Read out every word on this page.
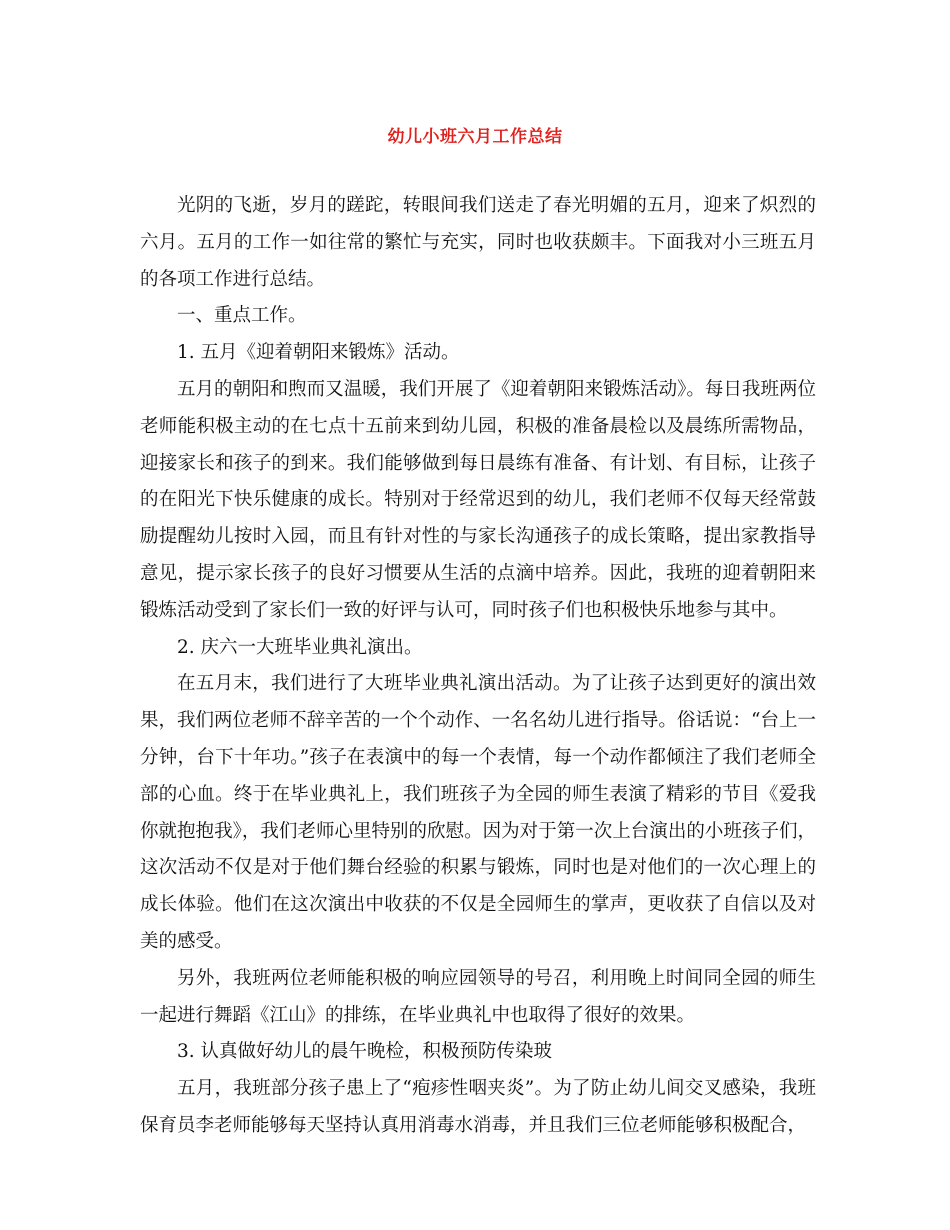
幼儿小班六月工作总结

光阴的飞逝，岁月的蹉跎，转眼间我们送走了春光明媚的五月，迎来了炽烈的六月。五月的工作一如往常的繁忙与充实，同时也收获颇丰。下面我对小三班五月的各项工作进行总结。

一、重点工作。

1. 五月《迎着朝阳来锻炼》活动。

五月的朝阳和煦而又温暖，我们开展了《迎着朝阳来锻炼活动》。每日我班两位老师能积极主动的在七点十五前来到幼儿园，积极的准备晨检以及晨练所需物品，迎接家长和孩子的到来。我们能够做到每日晨练有准备、有计划、有目标，让孩子的在阳光下快乐健康的成长。特别对于经常迟到的幼儿，我们老师不仅每天经常鼓励提醒幼儿按时入园，而且有针对性的与家长沟通孩子的成长策略，提出家教指导意见，提示家长孩子的良好习惯要从生活的点滴中培养。因此，我班的迎着朝阳来锻炼活动受到了家长们一致的好评与认可，同时孩子们也积极快乐地参与其中。

2. 庆六一大班毕业典礼演出。

在五月末，我们进行了大班毕业典礼演出活动。为了让孩子达到更好的演出效果，我们两位老师不辞辛苦的一个个动作、一名名幼儿进行指导。俗话说：“台上一分钟，台下十年功。”孩子在表演中的每一个表情，每一个动作都倾注了我们老师全部的心血。终于在毕业典礼上，我们班孩子为全园的师生表演了精彩的节目《爱我你就抱抱我》，我们老师心里特别的欣慰。因为对于第一次上台演出的小班孩子们，这次活动不仅是对于他们舞台经验的积累与锻炼，同时也是对他们的一次心理上的成长体验。他们在这次演出中收获的不仅是全园师生的掌声，更收获了自信以及对美的感受。

另外，我班两位老师能积极的响应园领导的号召，利用晚上时间同全园的师生一起进行舞蹈《江山》的排练，在毕业典礼中也取得了很好的效果。

3. 认真做好幼儿的晨午晚检，积极预防传染玻

五月，我班部分孩子患上了“疱疹性咽夹炎”。为了防止幼儿间交叉感染，我班保育员李老师能够每天坚持认真用消毒水消毒，并且我们三位老师能够积极配合，
